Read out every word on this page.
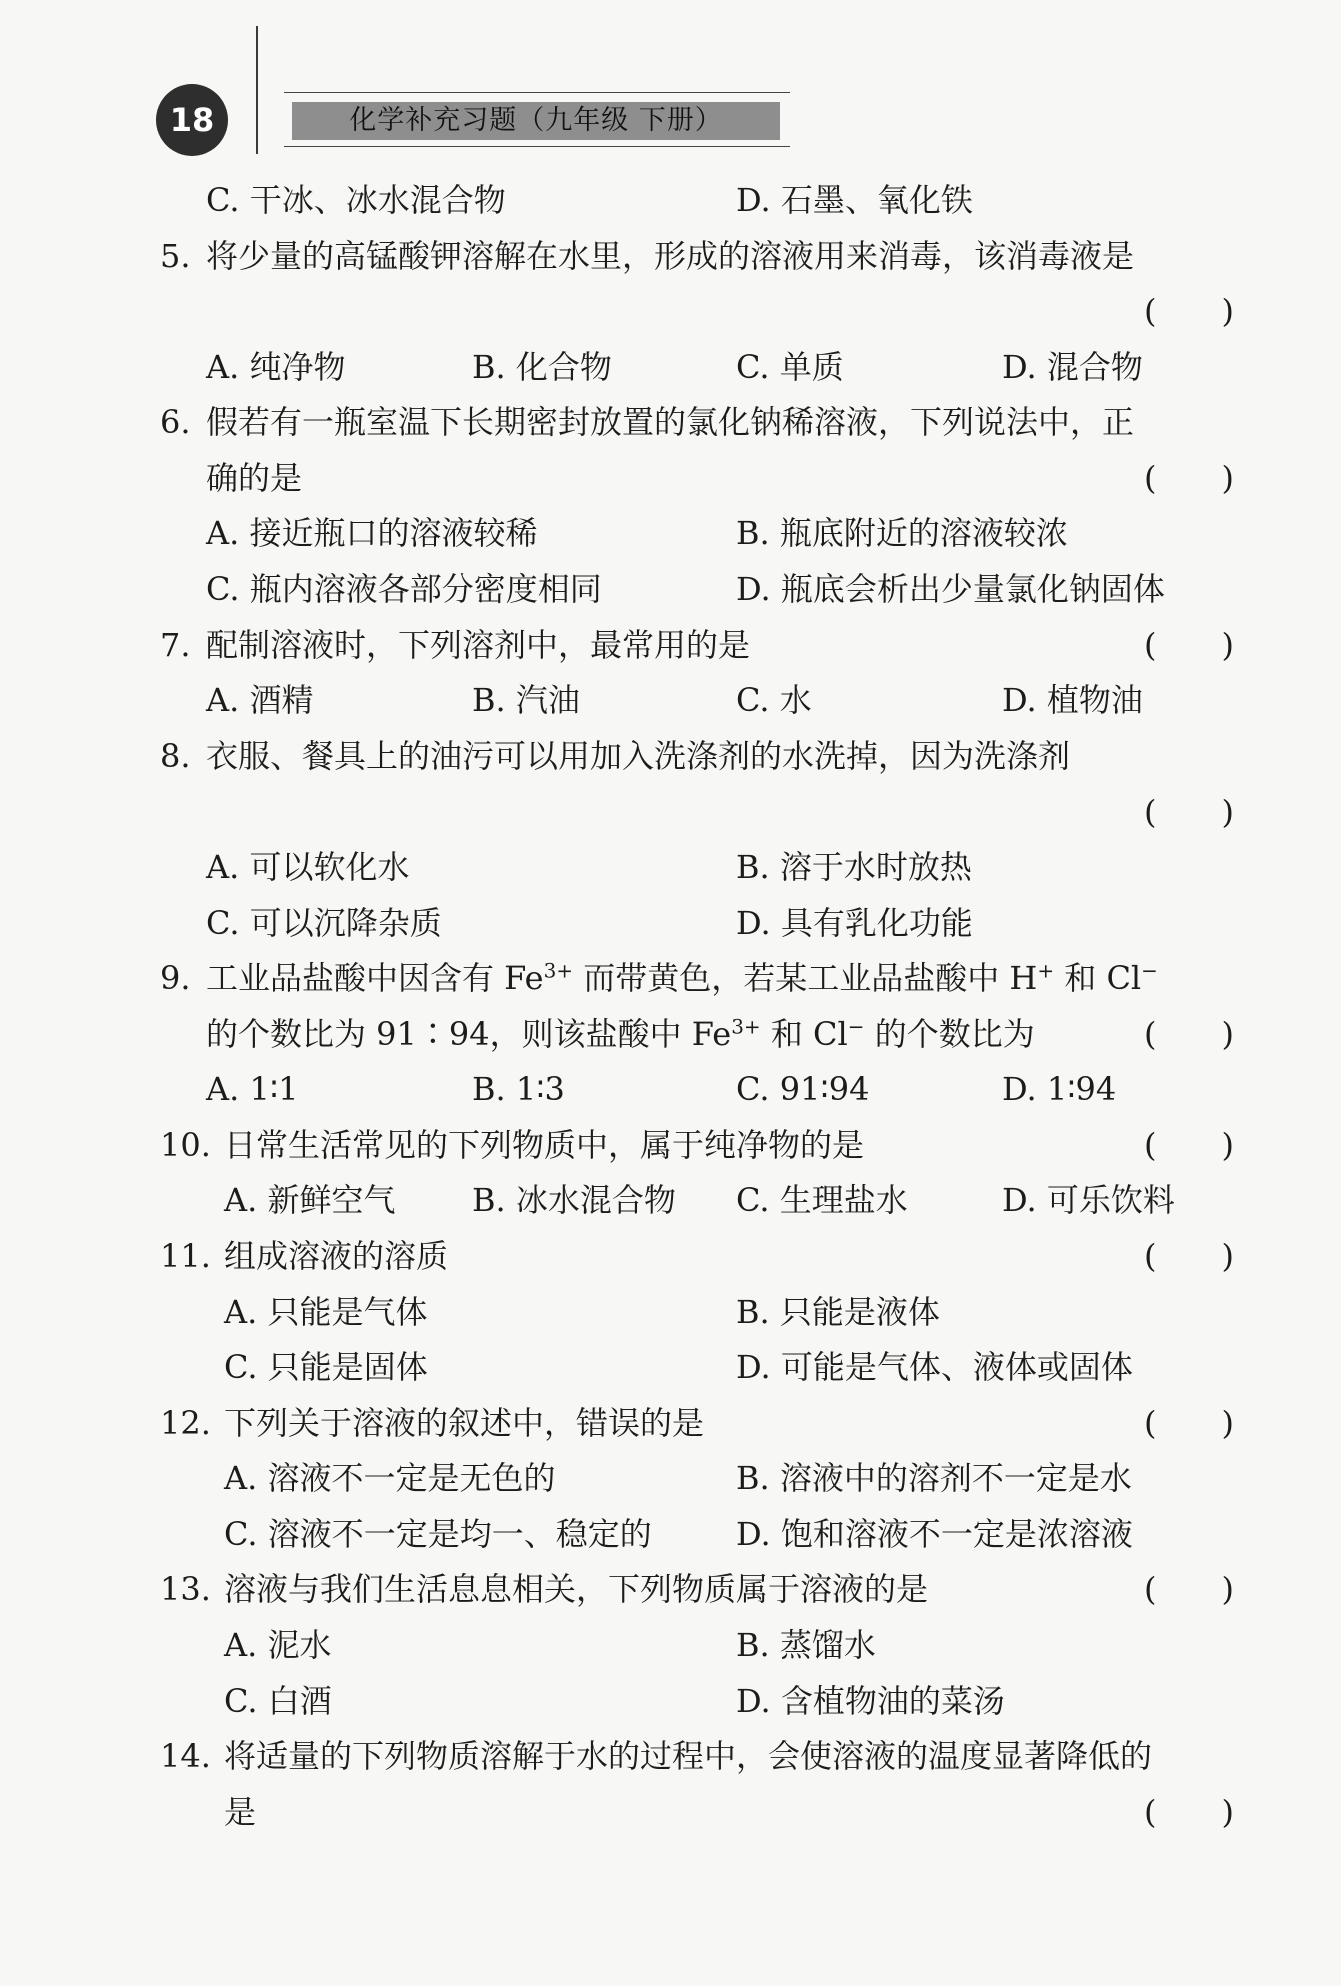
18	化学补充习题（九年级 下册）
C. 干冰、冰水混合物	D. 石墨、氧化铁
5. 将少量的高锰酸钾溶解在水里，形成的溶液用来消毒，该消毒液是
( )
A. 纯净物	B. 化合物	C. 单质	D. 混合物
6. 假若有一瓶室温下长期密封放置的氯化钠稀溶液，下列说法中，正
确的是	( )
A. 接近瓶口的溶液较稀	B. 瓶底附近的溶液较浓
C. 瓶内溶液各部分密度相同	D. 瓶底会析出少量氯化钠固体
7. 配制溶液时，下列溶剂中，最常用的是	( )
A. 酒精	B. 汽油	C. 水	D. 植物油
8. 衣服、餐具上的油污可以用加入洗涤剂的水洗掉，因为洗涤剂
( )
A. 可以软化水	B. 溶于水时放热
C. 可以沉降杂质	D. 具有乳化功能
9. 工业品盐酸中因含有 $Fe^{3+}$ 而带黄色，若某工业品盐酸中 H+ 和 Cl−
的个数比为 91∶94，则该盐酸中 $Fe^{3+}$ 和 Cl− 的个数比为	( )
A. 1∶1	B. 1∶3	C. 91∶94	D. 1∶94
10. 日常生活常见的下列物质中，属于纯净物的是	( )
A. 新鲜空气 B. 冰水混合物 C. 生理盐水	D. 可乐饮料
11. 组成溶液的溶质	( )
A. 只能是气体	B. 只能是液体
C. 只能是固体	D. 可能是气体、液体或固体
12. 下列关于溶液的叙述中，错误的是	( )
A. 溶液不一定是无色的	B. 溶液中的溶剂不一定是水
C. 溶液不一定是均一、稳定的	D. 饱和溶液不一定是浓溶液
13. 溶液与我们生活息息相关，下列物质属于溶液的是	( )
A. 泥水	B. 蒸馏水
C. 白酒	D. 含植物油的菜汤
14. 将适量的下列物质溶解于水的过程中，会使溶液的温度显著降低的
是	( )
